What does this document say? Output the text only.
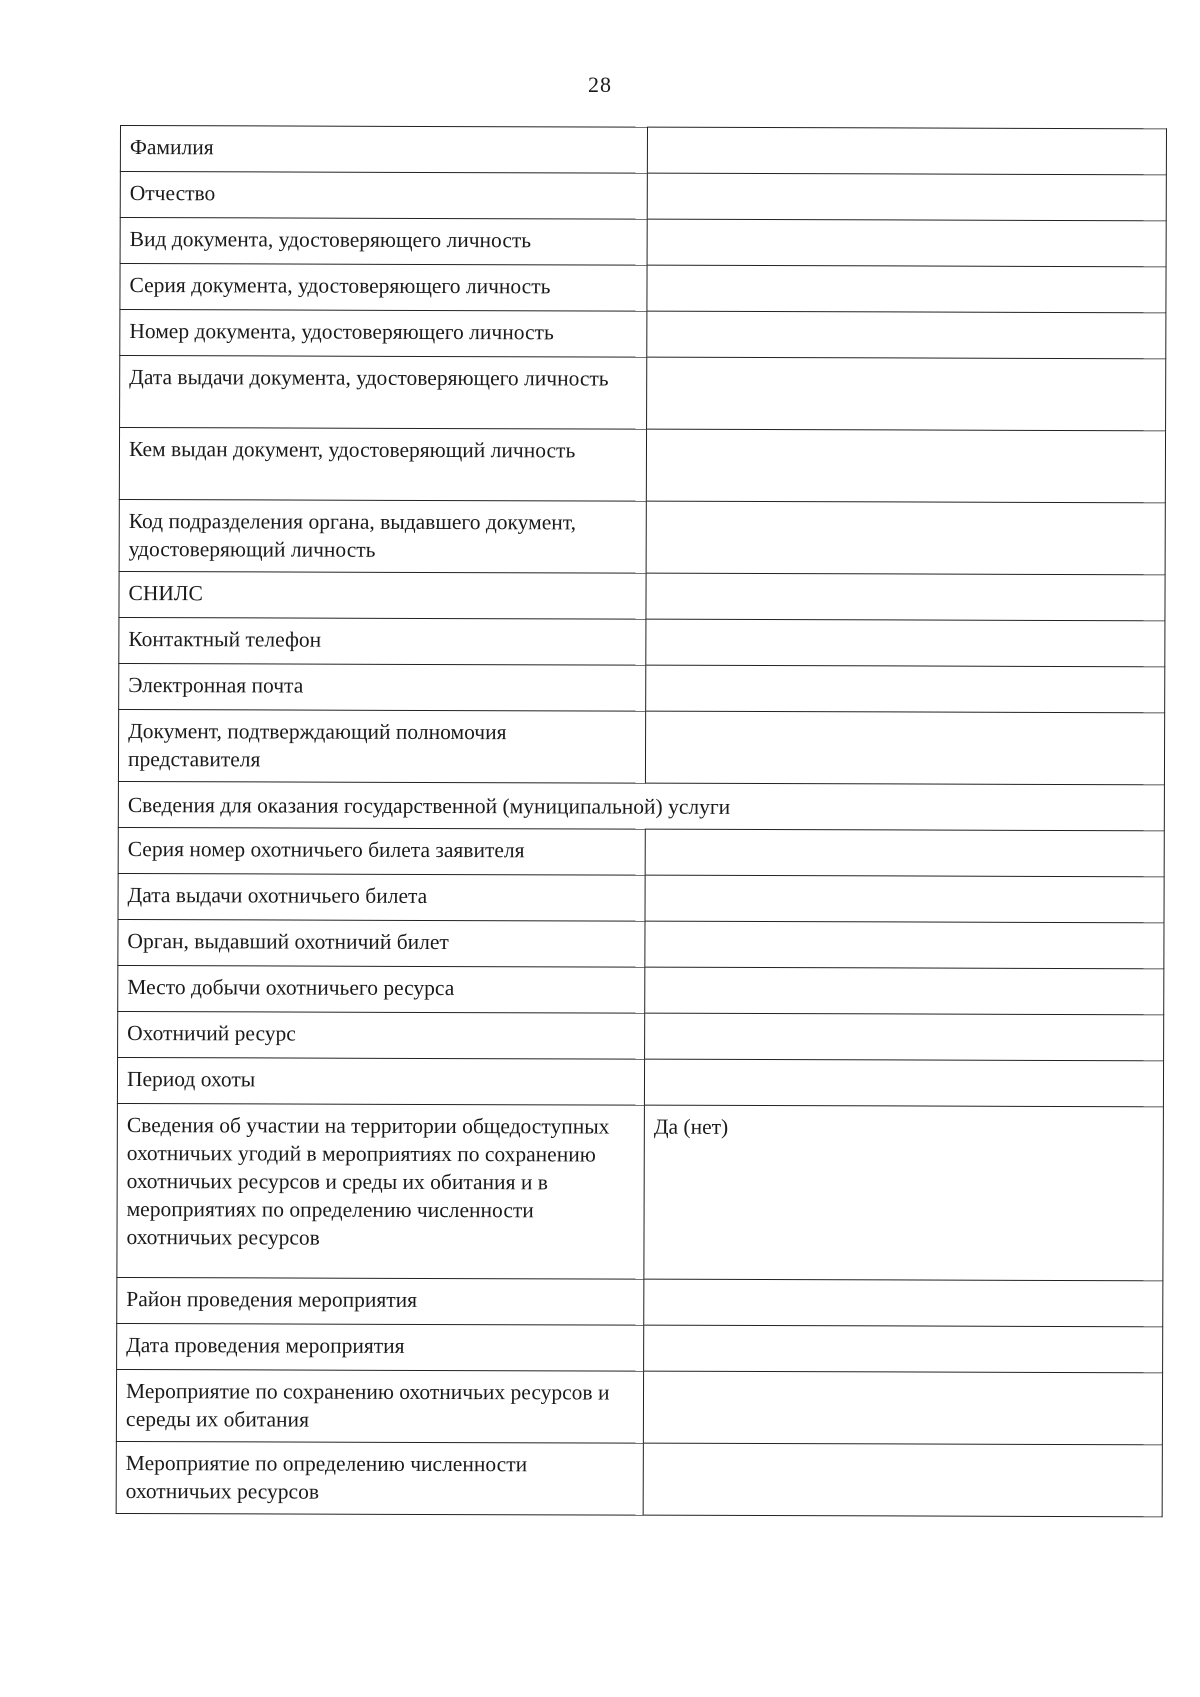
28
Фамилия	
Отчество	
Вид документа, удостоверяющего личность	
Серия документа, удостоверяющего личность	
Номер документа, удостоверяющего личность	
Дата выдачи документа, удостоверяющего личность	
Кем выдан документ, удостоверяющий личность	
Код подразделения органа, выдавшего документ, удостоверяющий личность	
СНИЛС	
Контактный телефон	
Электронная почта	
Документ, подтверждающий полномочия представителя	
Сведения для оказания государственной (муниципальной) услуги	
Серия номер охотничьего билета заявителя	
Дата выдачи охотничьего билета	
Орган, выдавший охотничий билет	
Место добычи охотничьего ресурса	
Охотничий ресурс	
Период охоты	
Сведения об участии на территории общедоступных охотничьих угодий в мероприятиях по сохранению охотничьих ресурсов и среды их обитания и в мероприятиях по определению численности охотничьих ресурсов	Да (нет)
Район проведения мероприятия	
Дата проведения мероприятия	
Мероприятие по сохранению охотничьих ресурсов и середы их обитания	
Мероприятие по определению численности охотничьих ресурсов	
